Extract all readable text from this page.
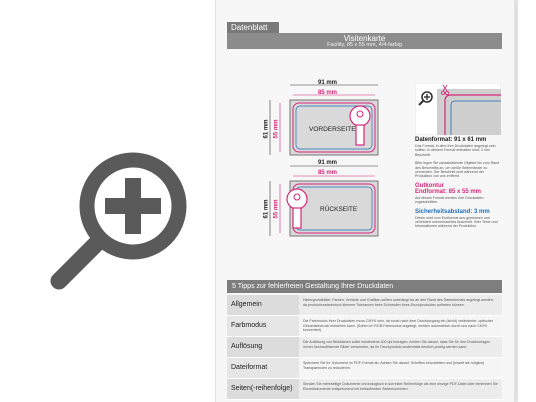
Datenblatt
Visitenkarte
Facility, 85 x 55 mm, 4/4-farbig
91 mm
85 mm
61 mm 55 mm	VORDERSEITE
91 mm
85 mm
61 mm 55 mm	RÜCKSEITE
Datenformat: 91 x 61 mm
Das Format, in dem Ihre Druckdaten angelegt sein sollten. In diesem Format enthalten sind: 3 mm Beschnitt.
Bitte legen Sie randabfallende Objekte bis zum Rand des Beschnitts an, um weiße Seitenränder zu vermeiden. Der Beschnitt wird während der Produktion von uns entfernt.
Gutkontur
Endformat: 85 x 55 mm
Auf dieses Format werden Ihre Druckdaten zugeschnitten.
Sicherheitsabstand: 3 mm
Dieser wird vom Endformat aus gemessen und verhindert unerwünschtes Anschnitt. Ihrer Texte und Informationen während der Produktion.
5 Tipps zur fehlerfreien Gestaltung Ihrer Druckdaten
Allgemein
Hintergrundbilder, Farben, Verläufe und Grafiken sollten unbedingt bis an den Rand des Datenformats angelegt werden, da produktionstechnisch kleinere Toleranzen beim Schneiden Ihres Druckproduktes auftreten können.
Farbmodus
Die Farbmodus Ihrer Druckdaten muss CMYK sein, da sonst nach dem Druckvorgang ein (leicht) veränderter, optischer Gesamteindruck entstehen kann. (Sofern im RGB-Farbmodus angelegt, werden automatisch durch uns nach CMYK konvertiert)
Auflösung
Die Auflösung von Bilddateien sollte mindestens 300 dpi betragen. Achten Sie darauf, dass Sie für Ihre Druckvorlagen immer hochauflösende Bilder verwenden, da Ihr Druckprodukt andernfalls deutlich pixelig werden kann.
Dateiformat
Speichern Sie Ihr Dokument im PDF-Format ab. Achten Sie darauf, Schriften einzubetten und (soweit als möglich) Transparenzen zu reduzieren.
Seiten(-reihenfolge)
Senden Sie mehrseitige Dokumente chronologisch in korrekter Reihenfolge als eine einzige PDF-Datei oder benennen Sie Einzeldokumente entsprechend mit fortlaufenden Seitennummern.
